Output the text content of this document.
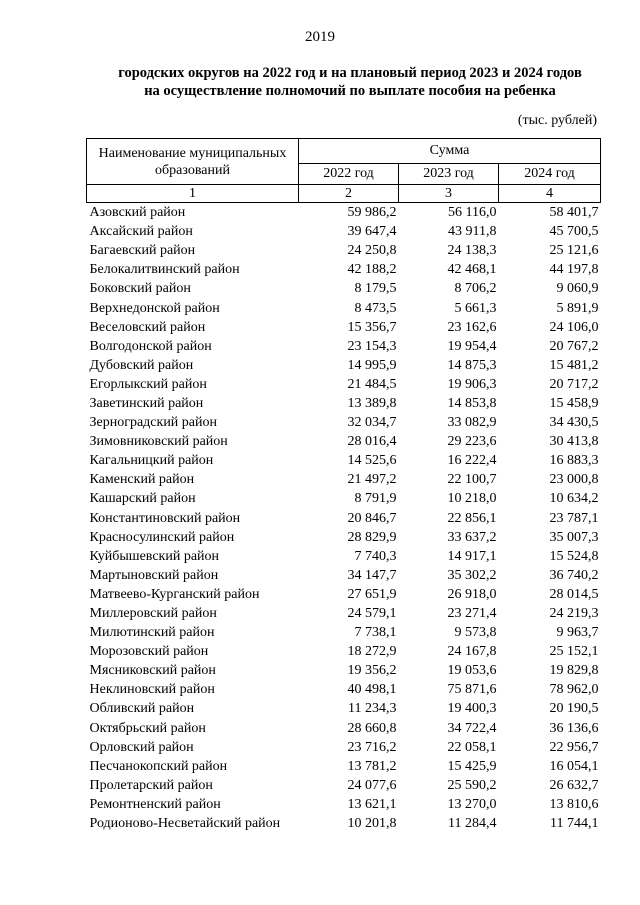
2019
городских округов на 2022 год и на плановый период 2023 и 2024 годов
на осуществление полномочий по выплате пособия на ребенка
(тыс. рублей)
Наименование муниципальных образований	Сумма		
	2022 год	2023 год	2024 год
1	2	3	4
Азовский район	59 986,2	56 116,0	58 401,7
Аксайский район	39 647,4	43 911,8	45 700,5
Багаевский район	24 250,8	24 138,3	25 121,6
Белокалитвинский район	42 188,2	42 468,1	44 197,8
Боковский район	8 179,5	8 706,2	9 060,9
Верхнедонской район	8 473,5	5 661,3	5 891,9
Веселовский район	15 356,7	23 162,6	24 106,0
Волгодонской район	23 154,3	19 954,4	20 767,2
Дубовский район	14 995,9	14 875,3	15 481,2
Егорлыкский район	21 484,5	19 906,3	20 717,2
Заветинский район	13 389,8	14 853,8	15 458,9
Зерноградский район	32 034,7	33 082,9	34 430,5
Зимовниковский район	28 016,4	29 223,6	30 413,8
Кагальницкий район	14 525,6	16 222,4	16 883,3
Каменский район	21 497,2	22 100,7	23 000,8
Кашарский район	8 791,9	10 218,0	10 634,2
Константиновский район	20 846,7	22 856,1	23 787,1
Красносулинский район	28 829,9	33 637,2	35 007,3
Куйбышевский район	7 740,3	14 917,1	15 524,8
Мартыновский район	34 147,7	35 302,2	36 740,2
Матвеево-Курганский район	27 651,9	26 918,0	28 014,5
Миллеровский район	24 579,1	23 271,4	24 219,3
Милютинский район	7 738,1	9 573,8	9 963,7
Морозовский район	18 272,9	24 167,8	25 152,1
Мясниковский район	19 356,2	19 053,6	19 829,8
Неклиновский район	40 498,1	75 871,6	78 962,0
Обливский район	11 234,3	19 400,3	20 190,5
Октябрьский район	28 660,8	34 722,4	36 136,6
Орловский район	23 716,2	22 058,1	22 956,7
Песчанокопский район	13 781,2	15 425,9	16 054,1
Пролетарский район	24 077,6	25 590,2	26 632,7
Ремонтненский район	13 621,1	13 270,0	13 810,6
Родионово-Несветайский район	10 201,8	11 284,4	11 744,1
